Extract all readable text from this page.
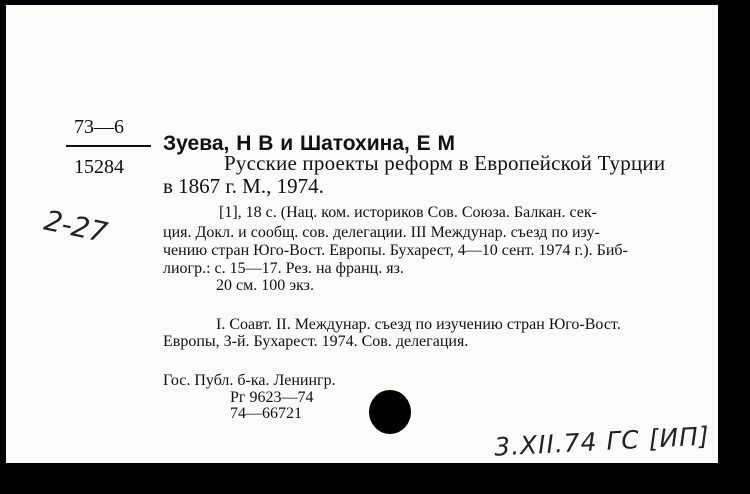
73—6
15284
Зуева, Н В и Шатохина, Е М
Русские проекты реформ в Европейской Турции
в 1867 г. М., 1974.
[1], 18 с. (Нац. ком. историков Сов. Союза. Балкан. сек-
ция. Докл. и сообщ. сов. делегации. III Междунар. съезд по изу-
чению стран Юго-Вост. Европы. Бухарест, 4—10 сент. 1974 г.). Биб-
лиогр.: с. 15—17. Рез. на франц. яз.
20 см. 100 экз.
I. Соавт. II. Междунар. съезд по изучению стран Юго-Вост.
Европы, 3-й. Бухарест. 1974. Сов. делегация.
Гос. Публ. б-ка. Ленингр.
Рг 9623—74
74—66721
2-27
3.XII.74 ГС [ИП]
